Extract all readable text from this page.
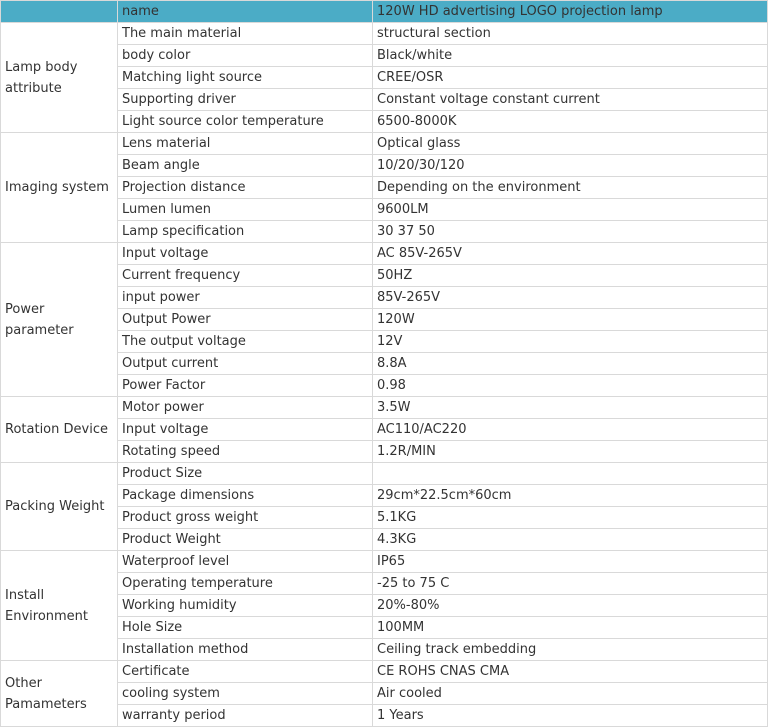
	name	120W HD advertising LOGO projection lamp
Lamp body attribute	The main material	structural section
	body color	Black/white
	Matching light source	CREE/OSR
	Supporting driver	Constant voltage constant current
	Light source color temperature	6500-8000K
Imaging system	Lens material	Optical glass
	Beam angle	10/20/30/120
	Projection distance	Depending on the environment
	Lumen lumen	9600LM
	Lamp specification	30 37 50
Power parameter	Input voltage	AC 85V-265V
	Current frequency	50HZ
	input power	85V-265V
	Output Power	120W
	The output voltage	12V
	Output current	8.8A
	Power Factor	0.98
Rotation Device	Motor power	3.5W
	Input voltage	AC110/AC220
	Rotating speed	1.2R/MIN
Packing Weight	Product Size	
	Package dimensions	29cm*22.5cm*60cm
	Product gross weight	5.1KG
	Product Weight	4.3KG
Install Environment	Waterproof level	IP65
	Operating temperature	-25 to 75 C
	Working humidity	20%-80%
	Hole Size	100MM
	Installation method	Ceiling track embedding
Other Pamameters	Certificate	CE ROHS CNAS CMA
	cooling system	Air cooled
	warranty period	1 Years
